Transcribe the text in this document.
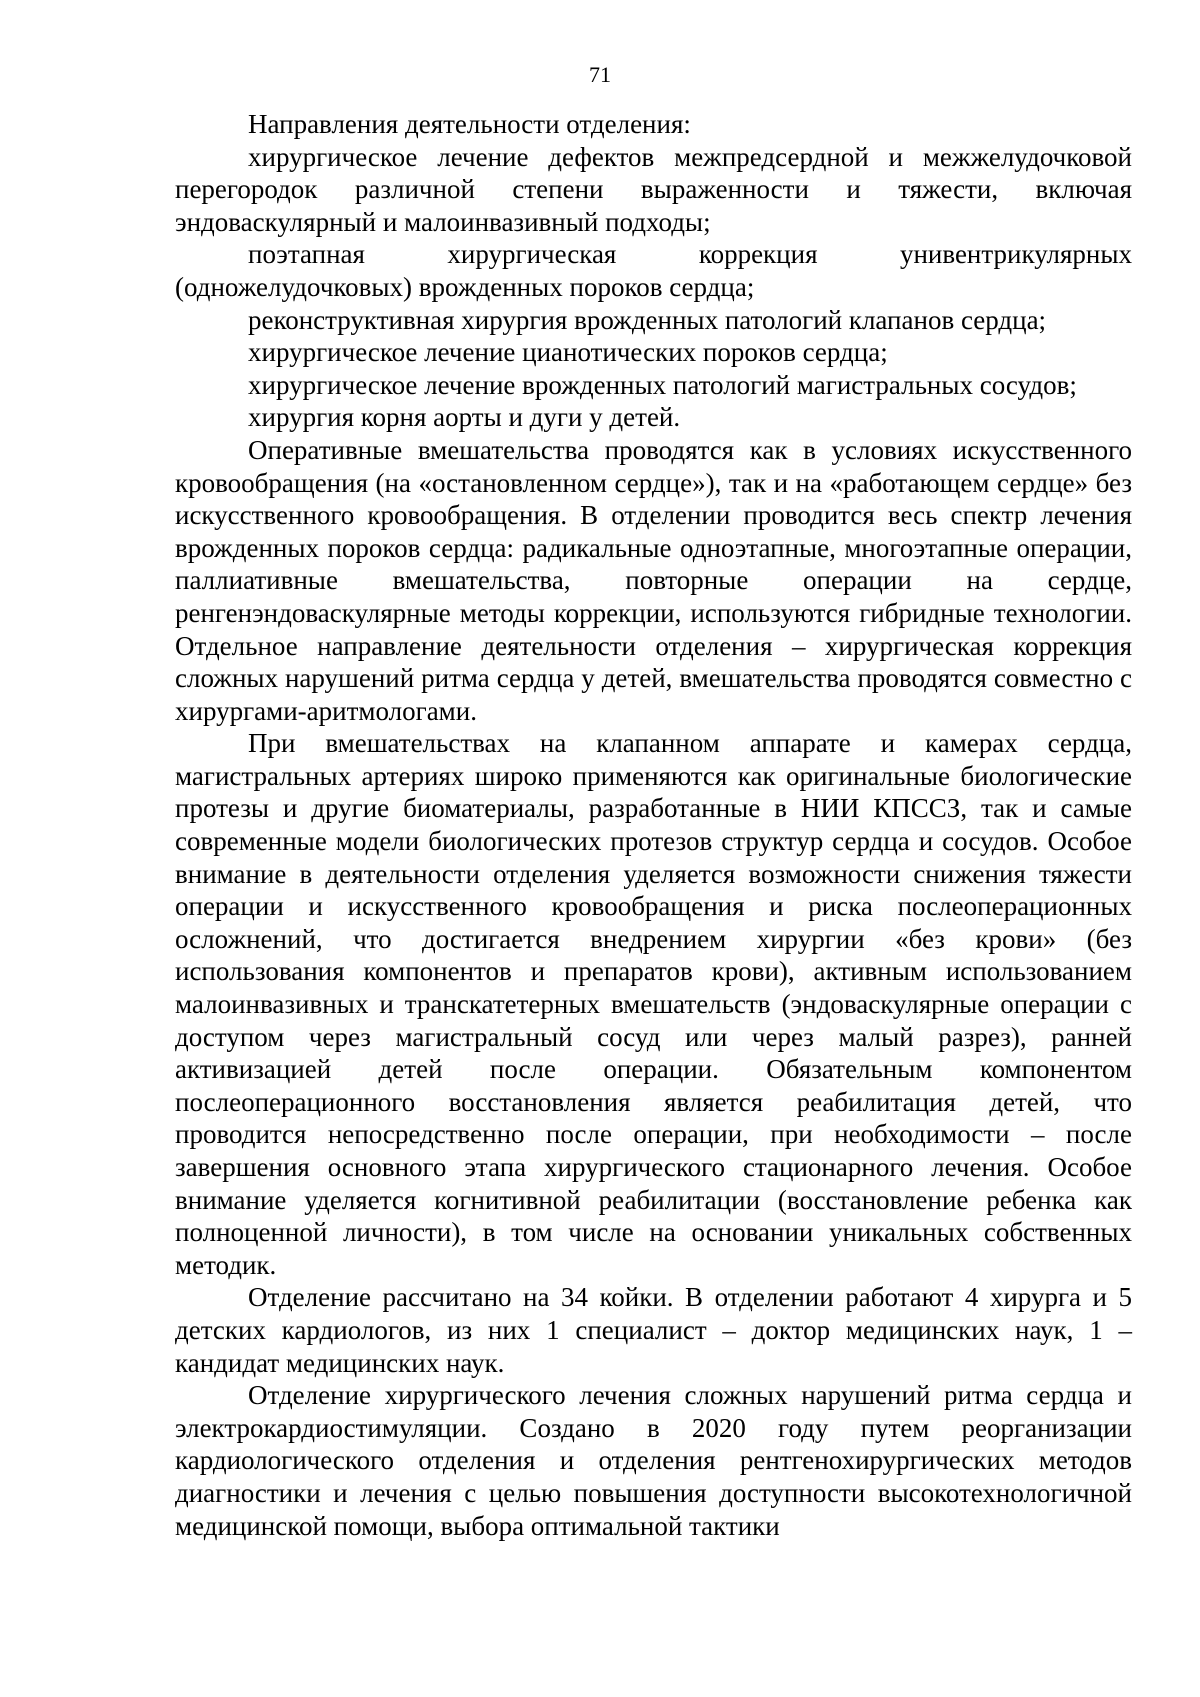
71

Направления деятельности отделения:

хирургическое лечение дефектов межпредсердной и межжелудочковой перегородок различной степени выраженности и тяжести, включая эндоваскулярный и малоинвазивный подходы;

поэтапная хирургическая коррекция унивентрикулярных (одножелудочковых) врожденных пороков сердца;

реконструктивная хирургия врожденных патологий клапанов сердца;

хирургическое лечение цианотических пороков сердца;

хирургическое лечение врожденных патологий магистральных сосудов;

хирургия корня аорты и дуги у детей.

Оперативные вмешательства проводятся как в условиях искусственного кровообращения (на «остановленном сердце»), так и на «работающем сердце» без искусственного кровообращения. В отделении проводится весь спектр лечения врожденных пороков сердца: радикальные одноэтапные, многоэтапные операции, паллиативные вмешательства, повторные операции на сердце, ренгенэндоваскулярные методы коррекции, используются гибридные технологии. Отдельное направление деятельности отделения – хирургическая коррекция сложных нарушений ритма сердца у детей, вмешательства проводятся совместно с хирургами-аритмологами.

При вмешательствах на клапанном аппарате и камерах сердца, магистральных артериях широко применяются как оригинальные биологические протезы и другие биоматериалы, разработанные в НИИ КПССЗ, так и самые современные модели биологических протезов структур сердца и сосудов. Особое внимание в деятельности отделения уделяется возможности снижения тяжести операции и искусственного кровообращения и риска послеоперационных осложнений, что достигается внедрением хирургии «без крови» (без использования компонентов и препаратов крови), активным использованием малоинвазивных и транскатетерных вмешательств (эндоваскулярные операции с доступом через магистральный сосуд или через малый разрез), ранней активизацией детей после операции. Обязательным компонентом послеоперационного восстановления является реабилитация детей, что проводится непосредственно после операции, при необходимости – после завершения основного этапа хирургического стационарного лечения. Особое внимание уделяется когнитивной реабилитации (восстановление ребенка как полноценной личности), в том числе на основании уникальных собственных методик.

Отделение рассчитано на 34 койки. В отделении работают 4 хирурга и 5 детских кардиологов, из них 1 специалист – доктор медицинских наук, 1 – кандидат медицинских наук.

Отделение хирургического лечения сложных нарушений ритма сердца и электрокардиостимуляции. Создано в 2020 году путем реорганизации кардиологического отделения и отделения рентгенохирургических методов диагностики и лечения с целью повышения доступности высокотехнологичной медицинской помощи, выбора оптимальной тактики
